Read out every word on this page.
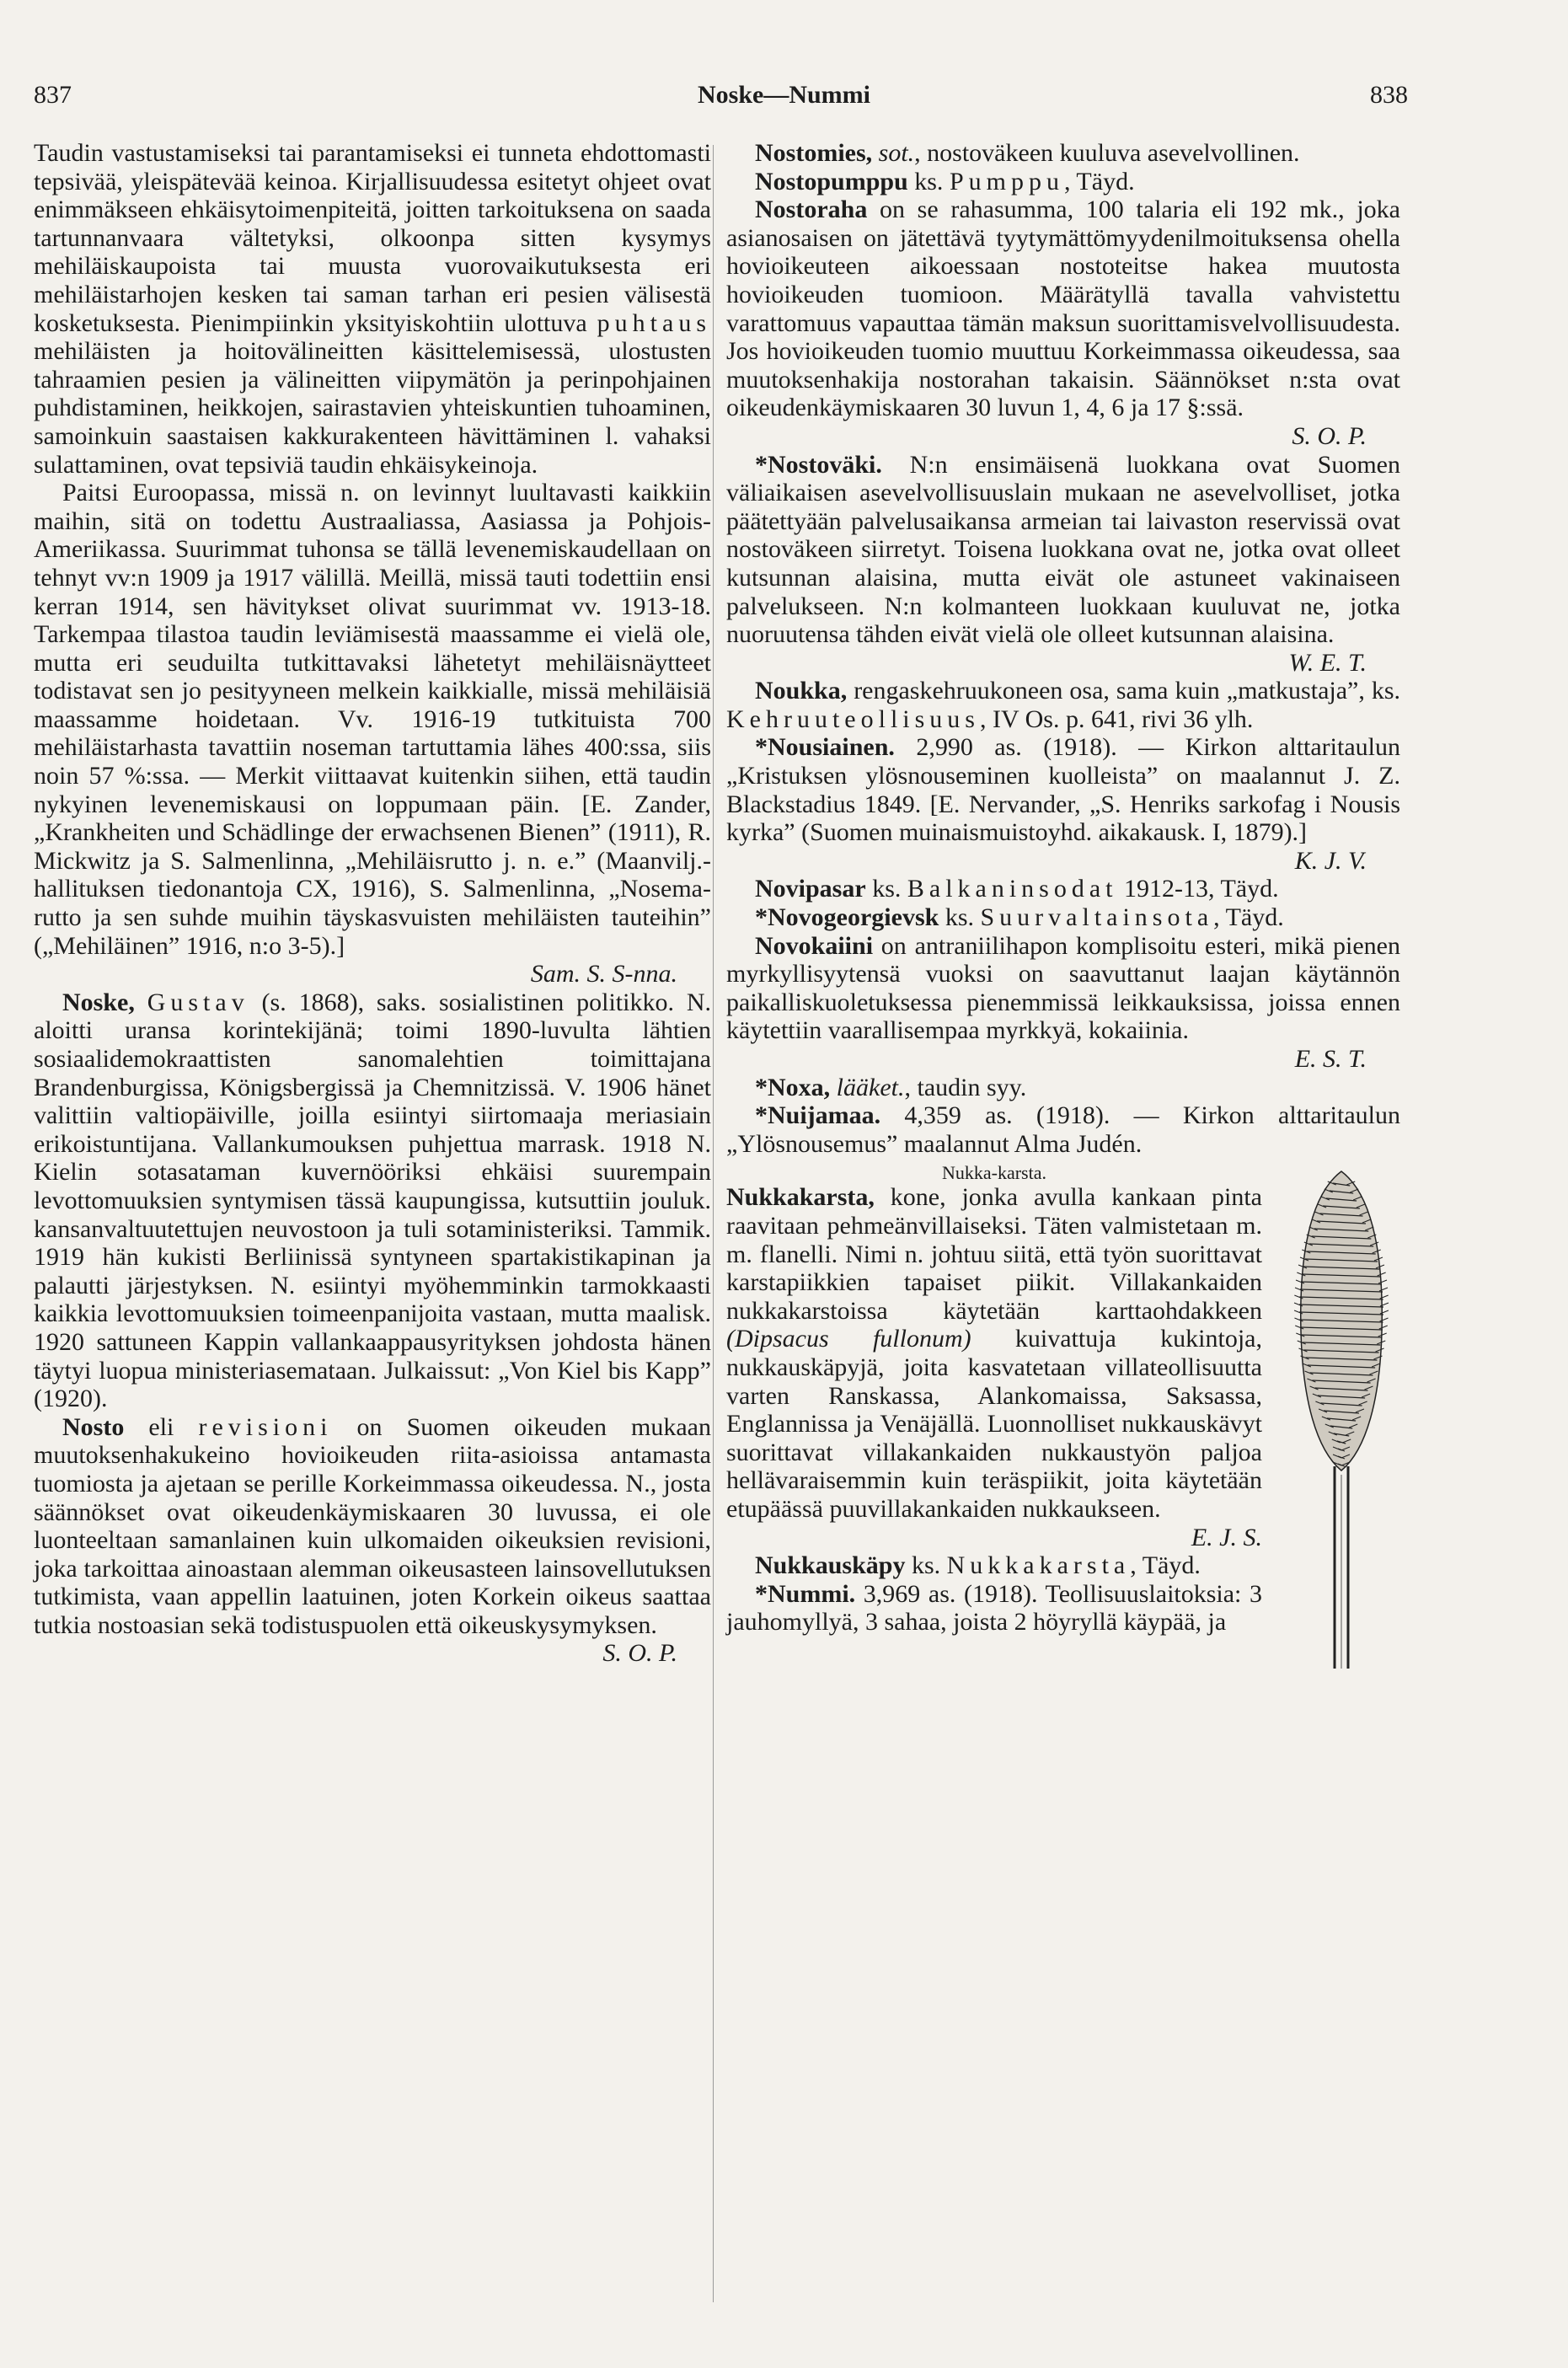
837	Noske—Nummi	838

Taudin vastustamiseksi tai parantamiseksi ei tunneta ehdottomasti tepsivää, yleispätevää keinoa. Kirjallisuudessa esitetyt ohjeet ovat enimmäkseen ehkäisytoimenpiteitä, joitten tarkoituksena on saada tartunnanvaara vältetyksi, olkoonpa sitten kysymys mehiläiskaupoista tai muusta vuorovaikutuksesta eri mehiläistarhojen kesken tai saman tarhan eri pesien välisestä kosketuksesta. Pienimpiinkin yksityiskohtiin ulottuva puhtaus mehiläisten ja hoitovälineitten käsittelemisessä, ulostusten tahraamien pesien ja välineitten viipymätön ja perinpohjainen puhdistaminen, heikkojen, sairastavien yhteiskuntien tuhoaminen, samoinkuin saastaisen kakkurakenteen hävittäminen l. vahaksi sulattaminen, ovat tepsiviä taudin ehkäisykeinoja.

Paitsi Euroopassa, missä n. on levinnyt luultavasti kaikkiin maihin, sitä on todettu Austraaliassa, Aasiassa ja Pohjois-Ameriikassa. Suurimmat tuhonsa se tällä levenemiskaudellaan on tehnyt vv:n 1909 ja 1917 välillä. Meillä, missä tauti todettiin ensi kerran 1914, sen hävitykset olivat suurimmat vv. 1913-18. Tarkempaa tilastoa taudin leviämisestä maassamme ei vielä ole, mutta eri seuduilta tutkittavaksi lähetetyt mehiläisnäytteet todistavat sen jo pesityyneen melkein kaikkialle, missä mehiläisiä maassamme hoidetaan. Vv. 1916-19 tutkituista 700 mehiläistarhasta tavattiin noseman tartuttamia lähes 400:ssa, siis noin 57 %:ssa. — Merkit viittaavat kuitenkin siihen, että taudin nykyinen levenemiskausi on loppumaan päin. [E. Zander, „Krankheiten und Schädlinge der erwachsenen Bienen” (1911), R. Mickwitz ja S. Salmenlinna, „Mehiläisrutto j. n. e.” (Maanvilj.-hallituksen tiedonantoja CX, 1916), S. Salmenlinna, „Nosema-rutto ja sen suhde muihin täyskasvuisten mehiläisten tauteihin” („Mehiläinen” 1916, n:o 3-5).]
Sam. S. S-nna.

Noske, Gustav (s. 1868), saks. sosialistinen politikko. N. aloitti uransa korintekijänä; toimi 1890-luvulta lähtien sosiaalidemokraattisten sanomalehtien toimittajana Brandenburgissa, Königsbergissä ja Chemnitzissä. V. 1906 hänet valittiin valtiopäiville, joilla esiintyi siirtomaaja meriasiain erikoistuntijana. Vallankumouksen puhjettua marrask. 1918 N. Kielin sotasataman kuvernööriksi ehkäisi suurempain levottomuuksien syntymisen tässä kaupungissa, kutsuttiin jouluk. kansanvaltuutettujen neuvostoon ja tuli sotaministeriksi. Tammik. 1919 hän kukisti Berliinissä syntyneen spartakistikapinan ja palautti järjestyksen. N. esiintyi myöhemminkin tarmokkaasti kaikkia levottomuuksien toimeenpanijoita vastaan, mutta maalisk. 1920 sattuneen Kappin vallankaappausyrityksen johdosta hänen täytyi luopua ministeriasemataan. Julkaissut: „Von Kiel bis Kapp” (1920).

Nosto eli revisioni on Suomen oikeuden mukaan muutoksenhakukeino hovioikeuden riita-asioissa antamasta tuomiosta ja ajetaan se perille Korkeimmassa oikeudessa. N., josta säännökset ovat oikeudenkäymiskaaren 30 luvussa, ei ole luonteeltaan samanlainen kuin ulkomaiden oikeuksien revisioni, joka tarkoittaa ainoastaan alemman oikeusasteen lainsovellutuksen tutkimista, vaan appellin laatuinen, joten Korkein oikeus saattaa tutkia nostoasian sekä todistuspuolen että oikeuskysymyksen.
S. O. P.

Nostomies, sot., nostoväkeen kuuluva asevelvollinen.

Nostopumppu ks. Pumppu, Täyd.

Nostoraha on se rahasumma, 100 talaria eli 192 mk., joka asianosaisen on jätettävä tyytymättömyydenilmoituksensa ohella hovioikeuteen aikoessaan nostoteitse hakea muutosta hovioikeuden tuomioon. Määrätyllä tavalla vahvistettu varattomuus vapauttaa tämän maksun suorittamisvelvollisuudesta. Jos hovioikeuden tuomio muuttuu Korkeimmassa oikeudessa, saa muutoksenhakija nostorahan takaisin. Säännökset n:sta ovat oikeudenkäymiskaaren 30 luvun 1, 4, 6 ja 17 §:ssä.
S. O. P.

*Nostoväki. N:n ensimäisenä luokkana ovat Suomen väliaikaisen asevelvollisuuslain mukaan ne asevelvolliset, jotka päätettyään palvelusaikansa armeian tai laivaston reservissä ovat nostoväkeen siirretyt. Toisena luokkana ovat ne, jotka ovat olleet kutsunnan alaisina, mutta eivät ole astuneet vakinaiseen palvelukseen. N:n kolmanteen luokkaan kuuluvat ne, jotka nuoruutensa tähden eivät vielä ole olleet kutsunnan alaisina.
W. E. T.

Noukka, rengaskehruukoneen osa, sama kuin „matkustaja”, ks. Kehruuteollisuus, IV Os. p. 641, rivi 36 ylh.

*Nousiainen. 2,990 as. (1918). — Kirkon alttaritaulun „Kristuksen ylösnouseminen kuolleista” on maalannut J. Z. Blackstadius 1849. [E. Nervander, „S. Henriks sarkofag i Nousis kyrka” (Suomen muinaismuistoyhd. aikakausk. I, 1879).]
K. J. V.

Novipasar ks. Balkaninsodat 1912-13, Täyd.

*Novogeorgievsk ks. Suurvaltainsota, Täyd.

Novokaiini on antraniilihapon komplisoitu esteri, mikä pienen myrkyllisyytensä vuoksi on saavuttanut laajan käytännön paikalliskuoletuksessa pienemmissä leikkauksissa, joissa ennen käytettiin vaarallisempaa myrkkyä, kokaiinia.
E. S. T.

*Noxa, lääket., taudin syy.

*Nuijamaa. 4,359 as. (1918). — Kirkon alttaritaulun „Ylösnousemus” maalannut Alma Judén.

Nukka-karsta.
Nukkakarsta, kone, jonka avulla kankaan pinta raavitaan pehmeänvillaiseksi. Täten valmistetaan m. m. flanelli. Nimi n. johtuu siitä, että työn suorittavat karstapiikkien tapaiset piikit. Villakankaiden nukkakarstoissa käytetään karttaohdakkeen (Dipsacus fullonum) kuivattuja kukintoja, nukkauskäpyjä, joita kasvatetaan villateollisuutta varten Ranskassa, Alankomaissa, Saksassa, Englannissa ja Venäjällä. Luonnolliset nukkauskävyt suorittavat villakankaiden nukkaustyön paljoa hellävaraisemmin kuin teräspiikit, joita käytetään etupäässä puuvillakankaiden nukkaukseen.
E. J. S.

Nukkauskäpy ks. Nukkakarsta, Täyd.

*Nummi. 3,969 as. (1918). Teollisuuslaitoksia: 3 jauhomyllyä, 3 sahaa, joista 2 höyryllä käypää, ja
